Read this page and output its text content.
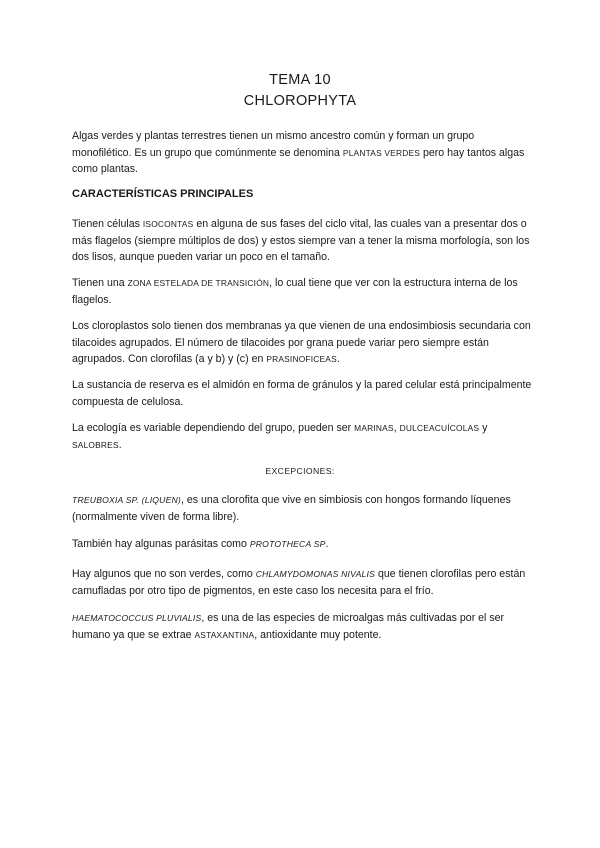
TEMA 10
CHLOROPHYTA

Algas verdes y plantas terrestres tienen un mismo ancestro común y forman un grupo monofilético. Es un grupo que comúnmente se denomina PLANTAS VERDES pero hay tantos algas como plantas.

CARACTERÍSTICAS PRINCIPALES

Tienen células ISOCONTAS en alguna de sus fases del ciclo vital, las cuales van a presentar dos o más flagelos (siempre múltiplos de dos) y estos siempre van a tener la misma morfología, son los dos lisos, aunque pueden variar un poco en el tamaño.

Tienen una ZONA ESTELADA DE TRANSICIÓN, lo cual tiene que ver con la estructura interna de los flagelos.

Los cloroplastos solo tienen dos membranas ya que vienen de una endosimbiosis secundaria con tilacoides agrupados. El número de tilacoides por grana puede variar pero siempre están agrupados. Con clorofilas (a y b) y (c) en PRASINOFICEAS.

La sustancia de reserva es el almidón en forma de gránulos y la pared celular está principalmente compuesta de celulosa.

La ecología es variable dependiendo del grupo, pueden ser MARINAS, DULCEACUÍCOLAS y SALOBRES.

EXCEPCIONES:

TREUBOXIA SP. (LIQUEN), es una clorofita que vive en simbiosis con hongos formando líquenes (normalmente viven de forma libre).

También hay algunas parásitas como PROTOTHECA SP.

Hay algunos que no son verdes, como CHLAMYDOMONAS NIVALIS que tienen clorofilas pero están camufladas por otro tipo de pigmentos, en este caso los necesita para el frío.

HAEMATOCOCCUS PLUVIALIS, es una de las especies de microalgas más cultivadas por el ser humano ya que se extrae ASTAXANTINA, antioxidante muy potente.
